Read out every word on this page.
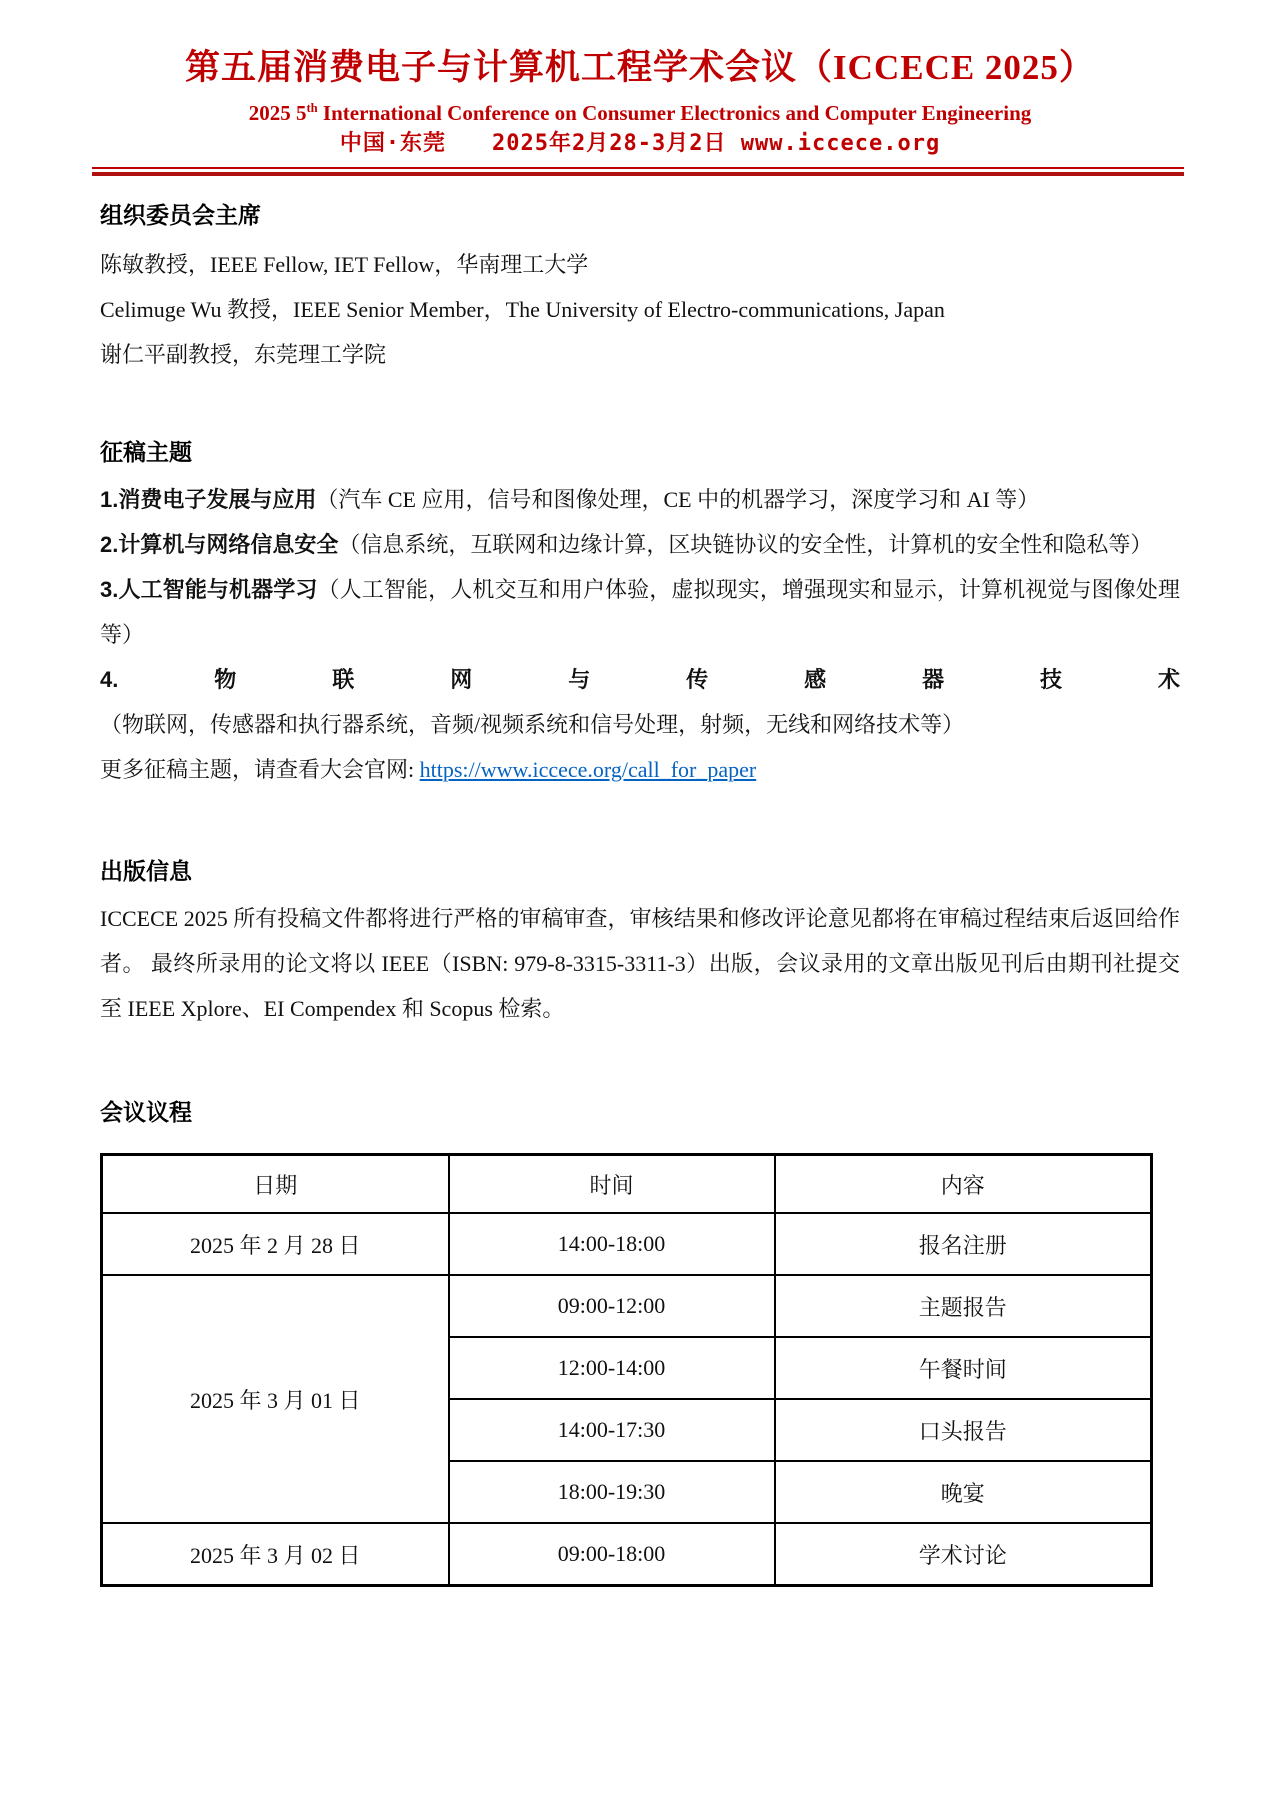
第五届消费电子与计算机工程学术会议（ICCECE 2025）
2025 5th International Conference on Consumer Electronics and Computer Engineering
中国·东莞　　2025年2月28-3月2日 www.iccece.org
组织委员会主席
陈敏教授，IEEE Fellow, IET Fellow，华南理工大学
Celimuge Wu 教授，IEEE Senior Member，The University of Electro-communications, Japan
谢仁平副教授，东莞理工学院
征稿主题

1.消费电子发展与应用（汽车 CE 应用，信号和图像处理，CE 中的机器学习，深度学习和 AI 等）

2.计算机与网络信息安全（信息系统，互联网和边缘计算，区块链协议的安全性，计算机的安全性和隐私等）

3.人工智能与机器学习（人工智能，人机交互和用户体验，虚拟现实，增强现实和显示，计算机视觉与图像处理等）

4.物联网与传感器技术（物联网，传感器和执行器系统，音频/视频系统和信号处理，射频，无线和网络技术等）

更多征稿主题，请查看大会官网: https://www.iccece.org/call_for_paper

出版信息

ICCECE 2025 所有投稿文件都将进行严格的审稿审查，审核结果和修改评论意见都将在审稿过程结束后返回给作者。 最终所录用的论文将以 IEEE（ISBN: 979-8-3315-3311-3）出版，会议录用的文章出版见刊后由期刊社提交至 IEEE Xplore、EI Compendex 和 Scopus 检索。

会议议程
日期	时间	内容
2025 年 2 月 28 日	14:00-18:00	报名注册
2025 年 3 月 01 日	09:00-12:00	主题报告
	12:00-14:00	午餐时间
	14:00-17:30	口头报告
	18:00-19:30	晚宴
2025 年 3 月 02 日	09:00-18:00	学术讨论
